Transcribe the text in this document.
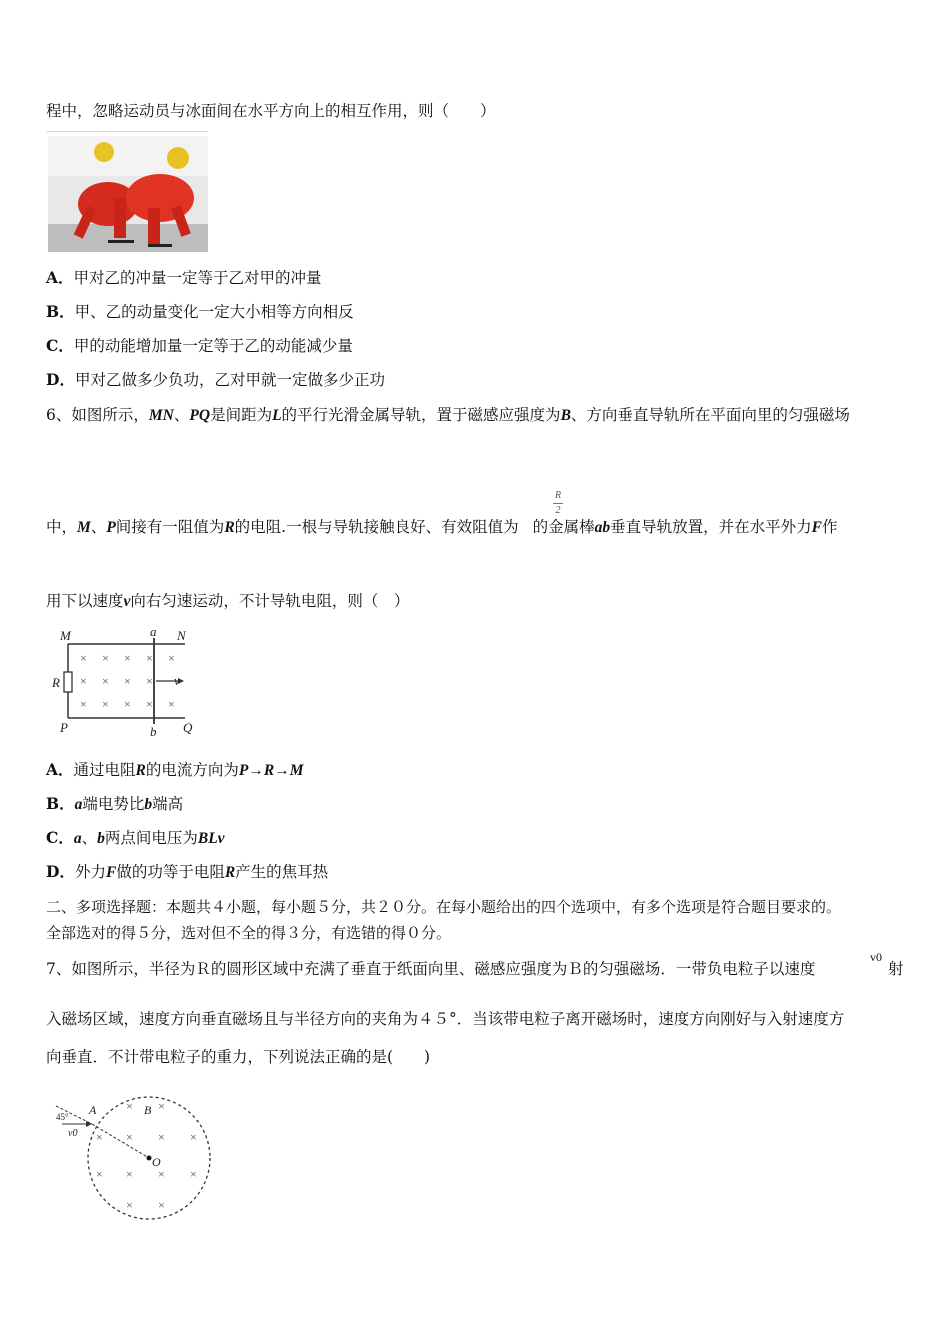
程中，忽略运动员与冰面间在水平方向上的相互作用，则（　　）
A．甲对乙的冲量一定等于乙对甲的冲量
B．甲、乙的动量变化一定大小相等方向相反
C．甲的动能增加量一定等于乙的动能减少量
D．甲对乙做多少负功，乙对甲就一定做多少正功
6、如图所示，MN、PQ是间距为L的平行光滑金属导轨，置于磁感应强度为B、方向垂直导轨所在平面向里的匀强磁场
R
2
中，M、P间接有一阻值为R的电阻.一根与导轨接触良好、有效阻值为 的金属棒ab垂直导轨放置，并在水平外力F作
用下以速度v向右匀速运动，不计导轨电阻，则（　）
× × × × ×
× × × ×
× × × × ×
M	a N
R	v
P	b Q
A．通过电阻R的电流方向为P→R→M
B．a端电势比b端高
C．a、b两点间电压为BLv
D．外力F做的功等于电阻R产生的焦耳热
二、多项选择题：本题共４小题，每小题５分，共２０分。在每小题给出的四个选项中，有多个选项是符合题目要求的。
全部选对的得５分，选对但不全的得３分，有选错的得０分。
7、如图所示，半径为Ｒ的圆形区域中充满了垂直于纸面向里、磁感应强度为Ｂ的匀强磁场．一带负电粒子以速度
v0
射
入磁场区域，速度方向垂直磁场且与半径方向的夹角为４５°．当该带电粒子离开磁场时，速度方向刚好与入射速度方
向垂直．不计带电粒子的重力，下列说法正确的是(　　)
× ×
× × × ×
× × × ×
× ×
45° A	B
v0
O
